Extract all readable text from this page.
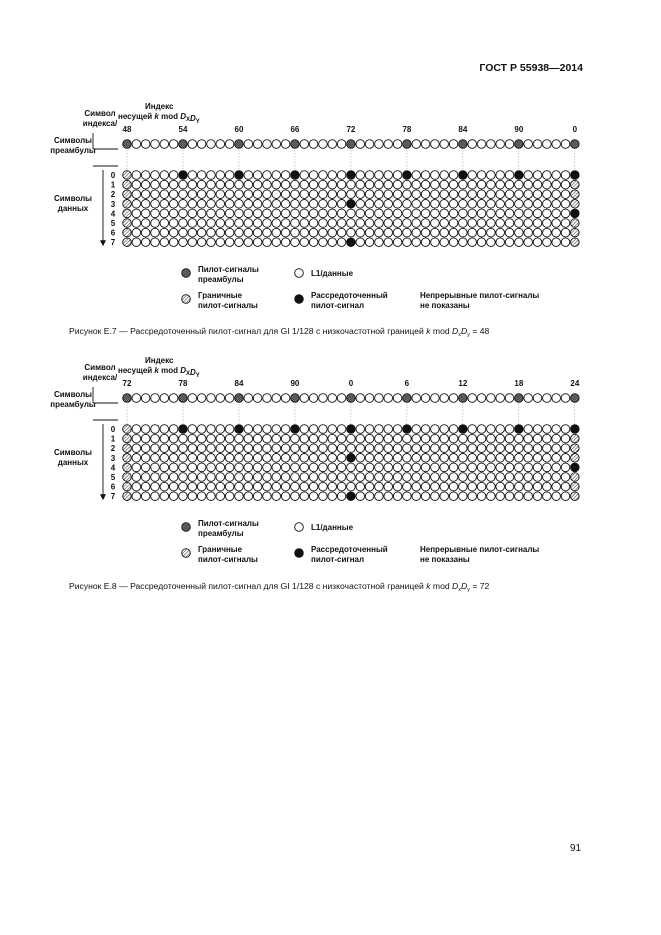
ГОСТ Р 55938—2014
Символ
индекса/
Индекс
несущей k mod $D_XD_Y$
48	54	60	66	72	78	84	90	0
Символы
преамбулы
Символы
данных
0
1
2
3
4
5
6
7
Пилот-сигналы
преамбулы
L1/данные
Граничные
пилот-сигналы
Рассредоточенный
пилот-сигнал
Непрерывные пилот-сигналы
не показаны
Рисунок Е.7 — Рассредоточенный пилот-сигнал для GI 1/128 с низкочастотной границей k mod $D_xD_y = 48$
Символ
индекса/
Индекс
несущей k mod $D_XD_Y$
72	78	84	90	0	6	12	18	24
Символы
преамбулы
Символы
данных
0
1
2
3
4
5
6
7
Пилот-сигналы
преамбулы
L1/данные
Граничные
пилот-сигналы
Рассредоточенный
пилот-сигнал
Непрерывные пилот-сигналы
не показаны
Рисунок Е.8 — Рассредоточенный пилот-сигнал для GI 1/128 с низкочастотной границей k mod $D_xD_y = 72$
91
